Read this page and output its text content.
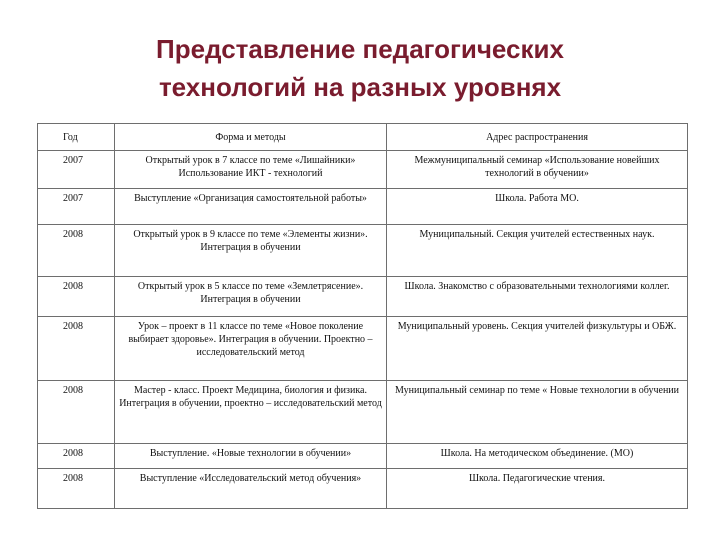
Представление педагогических
технологий на разных уровнях
Год	Форма и методы	Адрес распространения
2007	Открытый урок в 7 классе по теме «Лишайники» Использование ИКТ - технологий	Межмуниципальный семинар «Использование новейших технологий в обучении»
2007	Выступление «Организация самостоятельной работы»	Школа. Работа МО.
2008	Открытый урок в 9 классе по теме «Элементы жизни». Интеграция в обучении	Муниципальный. Секция учителей естественных наук.
2008	Открытый урок в 5 классе по теме «Землетрясение». Интеграция в обучении	Школа. Знакомство с образовательными технологиями коллег.
2008	Урок – проект в 11 классе по теме «Новое поколение выбирает здоровье». Интеграция в обучении. Проектно – исследовательский метод	Муниципальный уровень. Секция учителей физкультуры и ОБЖ.
2008	Мастер - класс. Проект Медицина, биология и физика. Интеграция в обучении, проектно – исследовательский метод	Муниципальный семинар по теме « Новые технологии в обучении
2008	Выступление. «Новые технологии в обучении»	Школа. На методическом объединение. (МО)
2008	Выступление «Исследовательский метод обучения»	Школа. Педагогические чтения.
